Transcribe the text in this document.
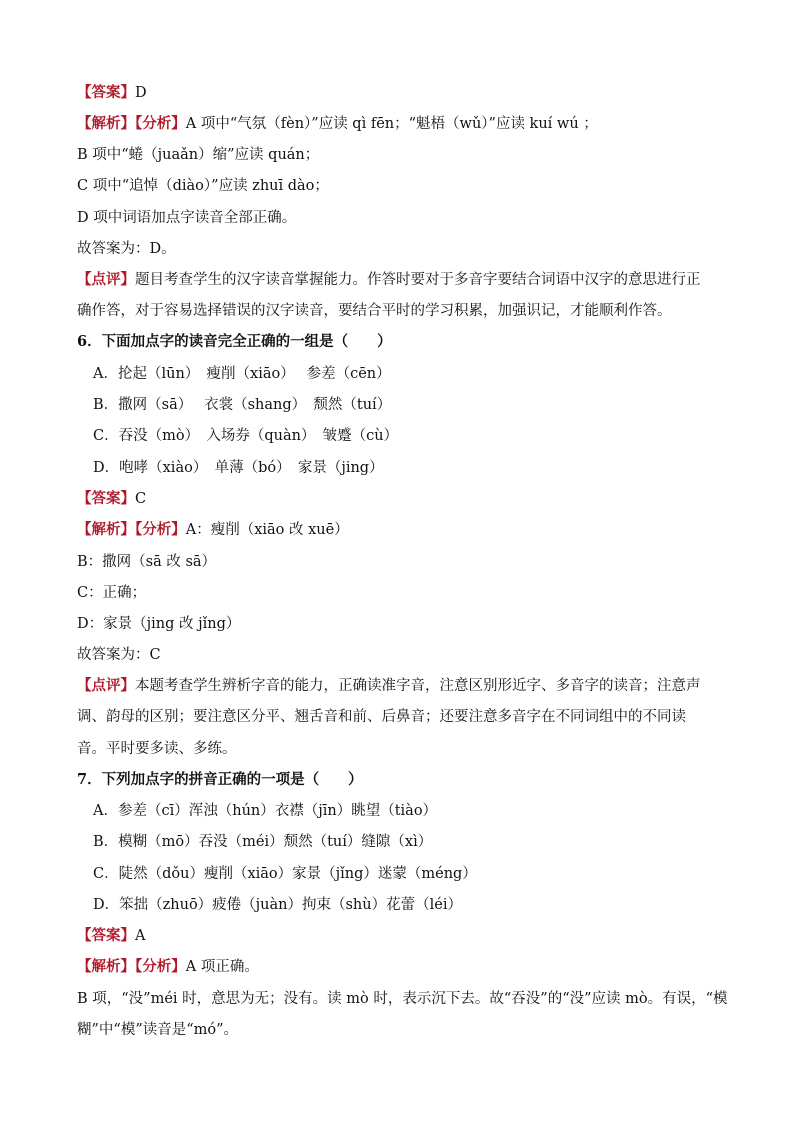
【答案】D
【解析】【分析】A 项中“气氛（fèn）”应读 qì fēn；“魁梧（wǔ）”应读 kuí wú ；
B 项中“蜷（juaǎn）缩”应读 quán；
C 项中“追悼（diào）”应读 zhuī dào；
D 项中词语加点字读音全部正确。
故答案为：D。
【点评】题目考查学生的汉字读音掌握能力。作答时要对于多音字要结合词语中汉字的意思进行正
确作答，对于容易选择错误的汉字读音，要结合平时的学习积累，加强识记，才能顺利作答。
6．下面加点字的读音完全正确的一组是（　　）
A．抡起（lūn）　瘦削（xiāo）　 参差（cēn）
B．撒网（sā）　 衣裳（shang）　颓然（tuí）
C．吞没（mò）　入场券（quàn）　皱蹙（cù）
D．咆哮（xiào）　单薄（bó）　家景（jing）
【答案】C
【解析】【分析】A：瘦削（xiāo 改 xuē）
B：撒网（sā 改 sā）
C：正确；
D：家景（jing 改 jǐng）
故答案为：C
【点评】本题考查学生辨析字音的能力，正确读准字音，注意区别形近字、多音字的读音；注意声
调、韵母的区别；要注意区分平、翘舌音和前、后鼻音；还要注意多音字在不同词组中的不同读
音。平时要多读、多练。
7．下列加点字的拼音正确的一项是（　　）
A．参差（cī）浑浊（hún）衣襟（jīn）眺望（tiào）
B．模糊（mō）吞没（méi）颓然（tuí）缝隙（xì）
C．陡然（dǒu）瘦削（xiāo）家景（jǐng）迷蒙（méng）
D．笨拙（zhuō）疲倦（juàn）拘束（shù）花蕾（léi）
【答案】A
【解析】【分析】A 项正确。
B 项，“没”méi 时，意思为无；没有。读 mò 时，表示沉下去。故“吞没”的“没”应读 mò。有误，“模
糊”中“模”读音是“mó”。
